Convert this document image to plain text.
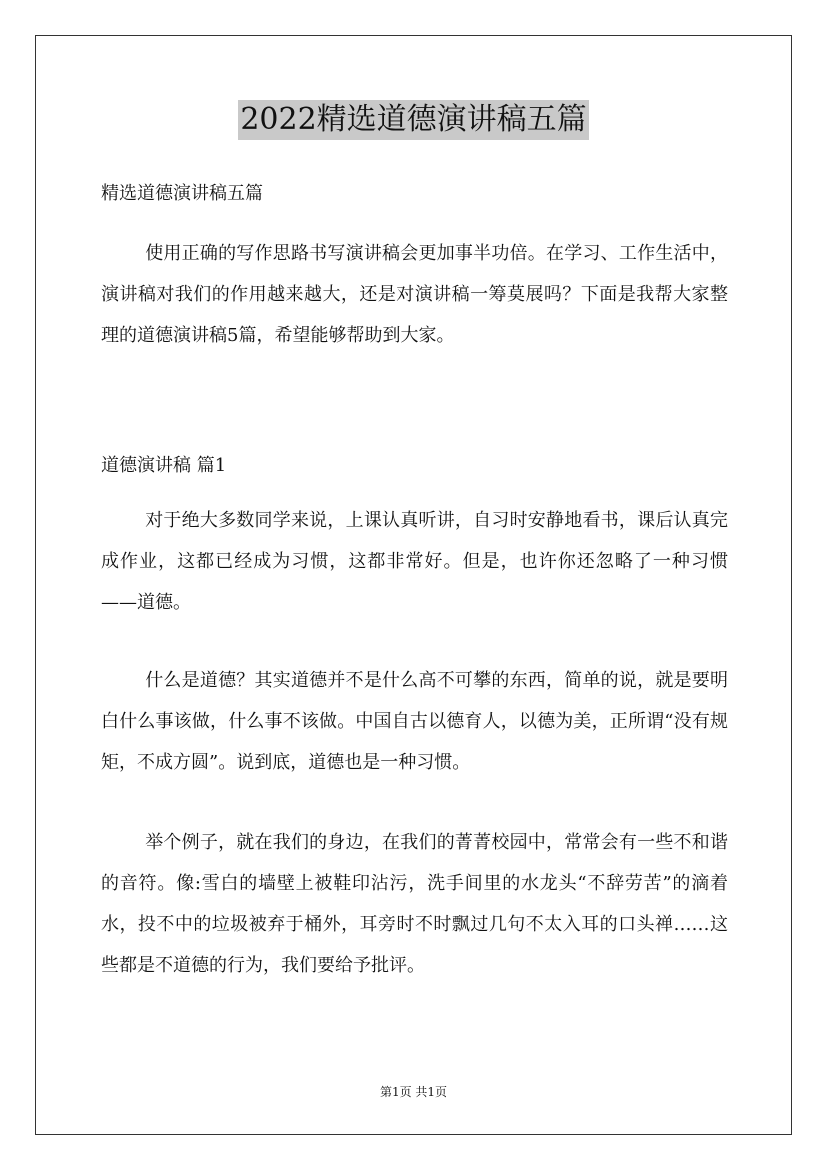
2022精选道德演讲稿五篇
精选道德演讲稿五篇

使用正确的写作思路书写演讲稿会更加事半功倍。在学习、工作生活中，演讲稿对我们的作用越来越大，还是对演讲稿一筹莫展吗？下面是我帮大家整理的道德演讲稿5篇，希望能够帮助到大家。

道德演讲稿 篇1

对于绝大多数同学来说，上课认真听讲，自习时安静地看书，课后认真完成作业，这都已经成为习惯，这都非常好。但是，也许你还忽略了一种习惯——道德。

什么是道德？其实道德并不是什么高不可攀的东西，简单的说，就是要明白什么事该做，什么事不该做。中国自古以德育人，以德为美，正所谓“没有规矩，不成方圆”。说到底，道德也是一种习惯。

举个例子，就在我们的身边，在我们的菁菁校园中，常常会有一些不和谐的音符。像:雪白的墙壁上被鞋印沾污，洗手间里的水龙头“不辞劳苦”的滴着水，投不中的垃圾被弃于桶外，耳旁时不时飘过几句不太入耳的口头禅……这些都是不道德的行为，我们要给予批评。

第1页 共1页
